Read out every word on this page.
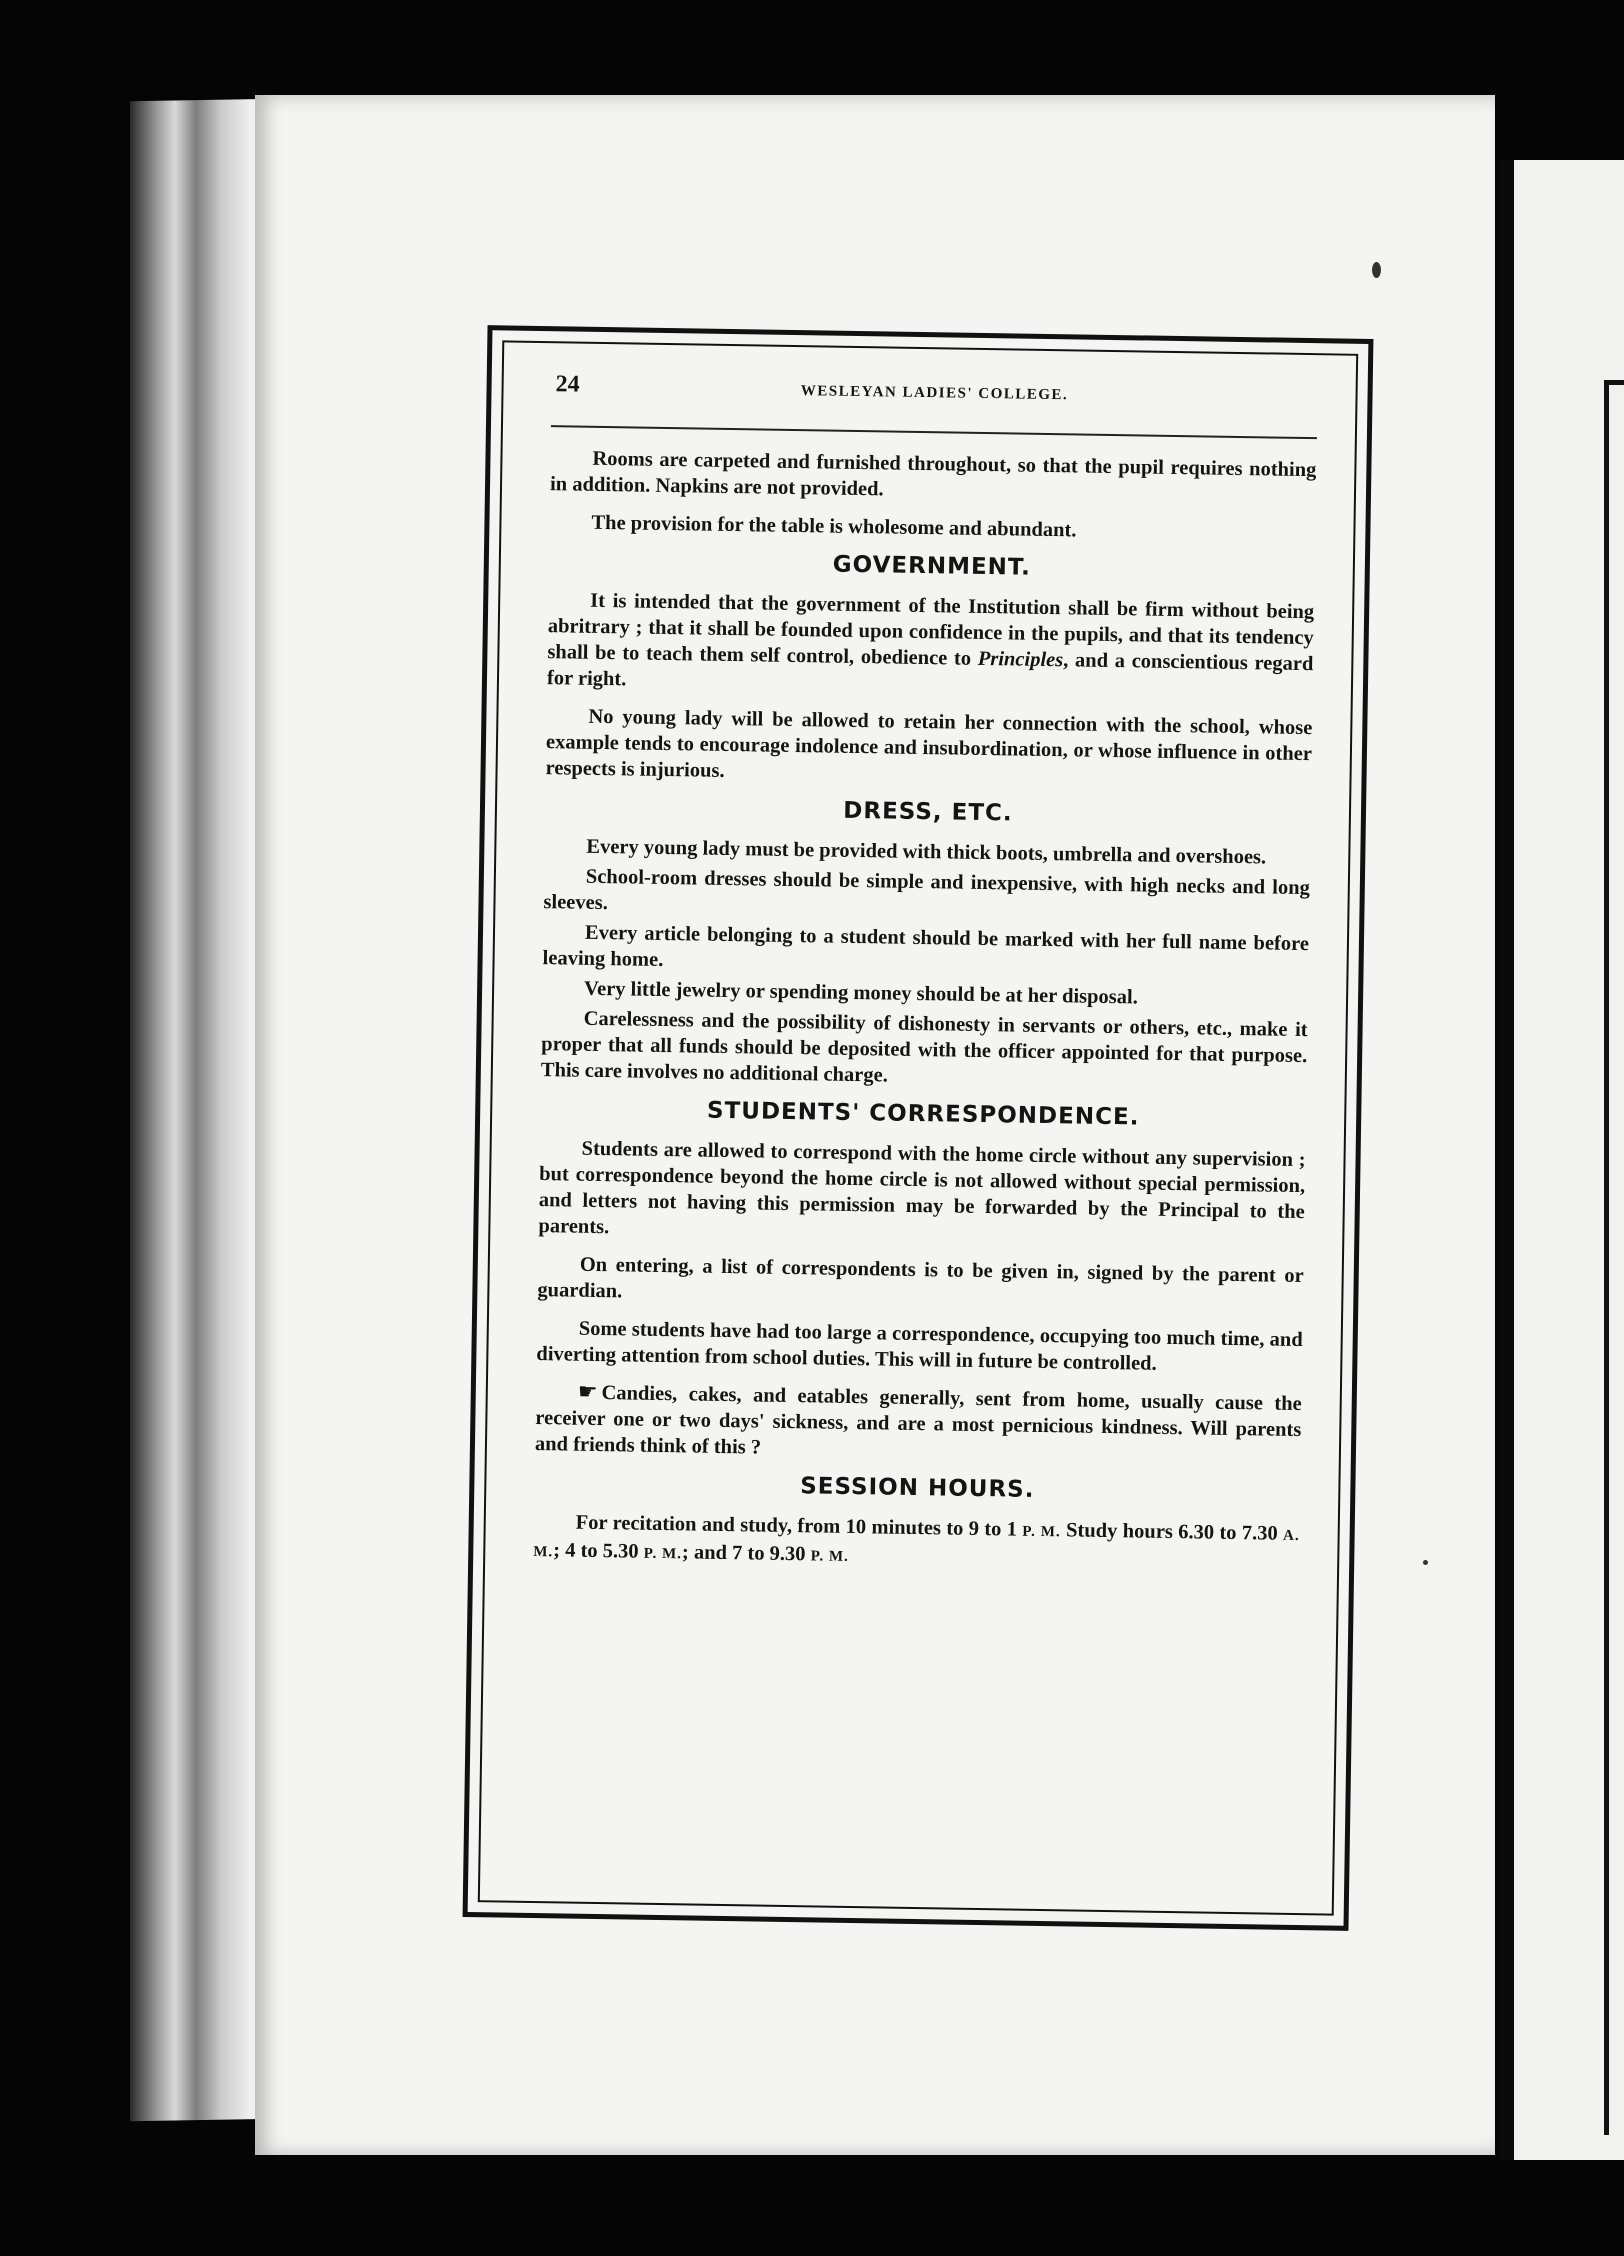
24	WESLEYAN LADIES' COLLEGE.

Rooms are carpeted and furnished throughout, so that the pupil requires nothing in addition. Napkins are not provided.

The provision for the table is wholesome and abundant.

GOVERNMENT.

It is intended that the government of the Institution shall be firm without being abritrary ; that it shall be founded upon confidence in the pupils, and that its tendency shall be to teach them self control, obedience to Principles, and a conscientious regard for right.

No young lady will be allowed to retain her connection with the school, whose example tends to encourage indolence and insubordination, or whose influence in other respects is injurious.

DRESS, ETC.

Every young lady must be provided with thick boots, umbrella and overshoes.

School-room dresses should be simple and inexpensive, with high necks and long sleeves.

Every article belonging to a student should be marked with her full name before leaving home.

Very little jewelry or spending money should be at her disposal.

Carelessness and the possibility of dishonesty in servants or others, etc., make it proper that all funds should be deposited with the officer appointed for that purpose. This care involves no additional charge.

STUDENTS' CORRESPONDENCE.

Students are allowed to correspond with the home circle without any supervision ; but correspondence beyond the home circle is not allowed without special permission, and letters not having this permission may be forwarded by the Principal to the parents.

On entering, a list of correspondents is to be given in, signed by the parent or guardian.

Some students have had too large a correspondence, occupying too much time, and diverting attention from school duties. This will in future be controlled.

☛ Candies, cakes, and eatables generally, sent from home, usually cause the receiver one or two days' sickness, and are a most pernicious kindness. Will parents and friends think of this ?

SESSION HOURS.

For recitation and study, from 10 minutes to 9 to 1 P. M. Study hours 6.30 to 7.30 A. M.; 4 to 5.30 P. M.; and 7 to 9.30 P. M.
